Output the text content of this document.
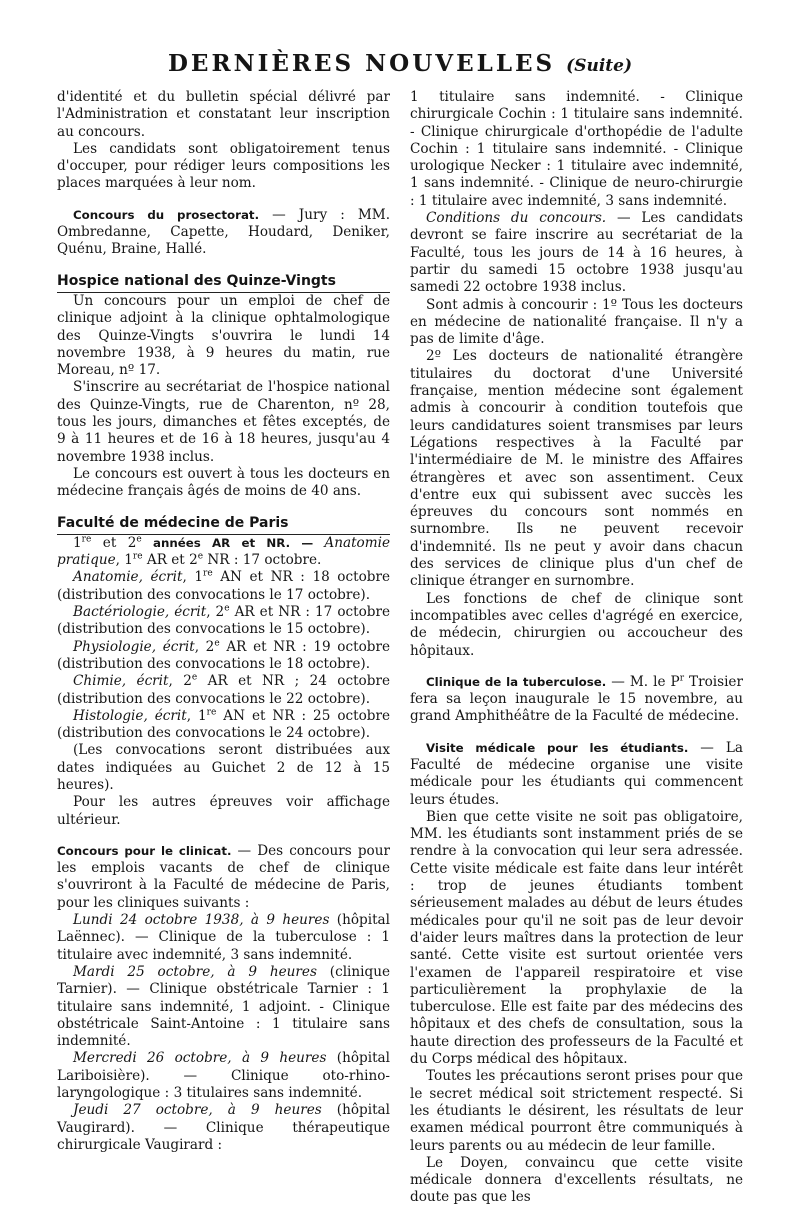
DERNIÈRES NOUVELLES (Suite)

d'identité et du bulletin spécial délivré par l'Administration et constatant leur inscription au concours.

Les candidats sont obligatoirement tenus d'occuper, pour rédiger leurs compositions les places marquées à leur nom.

Concours du prosectorat. — Jury : MM. Ombredanne, Capette, Houdard, Deniker, Quénu, Braine, Hallé.

Hospice national des Quinze-Vingts

Un concours pour un emploi de chef de clinique adjoint à la clinique ophtalmologique des Quinze-Vingts s'ouvrira le lundi 14 novembre 1938, à 9 heures du matin, rue Moreau, nº 17.

S'inscrire au secrétariat de l'hospice national des Quinze-Vingts, rue de Charenton, nº 28, tous les jours, dimanches et fêtes exceptés, de 9 à 11 heures et de 16 à 18 heures, jusqu'au 4 novembre 1938 inclus.

Le concours est ouvert à tous les docteurs en médecine français âgés de moins de 40 ans.

Faculté de médecine de Paris

1re et 2e années AR et NR. — Anatomie pratique, 1re AR et 2e NR : 17 octobre.

Anatomie, écrit, 1re AN et NR : 18 octobre (distribution des convocations le 17 octobre).

Bactériologie, écrit, 2e AR et NR : 17 octobre (distribution des convocations le 15 octobre).

Physiologie, écrit, 2e AR et NR : 19 octobre (distribution des convocations le 18 octobre).

Chimie, écrit, 2e AR et NR ; 24 octobre (distribution des convocations le 22 octobre).

Histologie, écrit, 1re AN et NR : 25 octobre (distribution des convocations le 24 octobre).

(Les convocations seront distribuées aux dates indiquées au Guichet 2 de 12 à 15 heures).

Pour les autres épreuves voir affichage ultérieur.

Concours pour le clinicat. — Des concours pour les emplois vacants de chef de clinique s'ouvriront à la Faculté de médecine de Paris, pour les cliniques suivants :

Lundi 24 octobre 1938, à 9 heures (hôpital Laënnec). — Clinique de la tuberculose : 1 titulaire avec indemnité, 3 sans indemnité.

Mardi 25 octobre, à 9 heures (clinique Tarnier). — Clinique obstétricale Tarnier : 1 titulaire sans indemnité, 1 adjoint. - Clinique obstétricale Saint-Antoine : 1 titulaire sans indemnité.

Mercredi 26 octobre, à 9 heures (hôpital Lariboisière). — Clinique oto-rhino-laryngologique : 3 titulaires sans indemnité.

Jeudi 27 octobre, à 9 heures (hôpital Vaugirard). — Clinique thérapeutique chirurgicale Vaugirard :

1 titulaire sans indemnité. - Clinique chirurgicale Cochin : 1 titulaire sans indemnité. - Clinique chirurgicale d'orthopédie de l'adulte Cochin : 1 titulaire sans indemnité. - Clinique urologique Necker : 1 titulaire avec indemnité, 1 sans indemnité. - Clinique de neuro-chirurgie : 1 titulaire avec indemnité, 3 sans indemnité.

Conditions du concours. — Les candidats devront se faire inscrire au secrétariat de la Faculté, tous les jours de 14 à 16 heures, à partir du samedi 15 octobre 1938 jusqu'au samedi 22 octobre 1938 inclus.

Sont admis à concourir : 1º Tous les docteurs en médecine de nationalité française. Il n'y a pas de limite d'âge.

2º Les docteurs de nationalité étrangère titulaires du doctorat d'une Université française, mention médecine sont également admis à concourir à condition toutefois que leurs candidatures soient transmises par leurs Légations respectives à la Faculté par l'intermédiaire de M. le ministre des Affaires étrangères et avec son assentiment. Ceux d'entre eux qui subissent avec succès les épreuves du concours sont nommés en surnombre. Ils ne peuvent recevoir d'indemnité. Ils ne peut y avoir dans chacun des services de clinique plus d'un chef de clinique étranger en surnombre.

Les fonctions de chef de clinique sont incompatibles avec celles d'agrégé en exercice, de médecin, chirurgien ou accoucheur des hôpitaux.

Clinique de la tuberculose. — M. le $P^r$ Troisier fera sa leçon inaugurale le 15 novembre, au grand Amphithéâtre de la Faculté de médecine.

Visite médicale pour les étudiants. — La Faculté de médecine organise une visite médicale pour les étudiants qui commencent leurs études.

Bien que cette visite ne soit pas obligatoire, MM. les étudiants sont instamment priés de se rendre à la convocation qui leur sera adressée. Cette visite médicale est faite dans leur intérêt : trop de jeunes étudiants tombent sérieusement malades au début de leurs études médicales pour qu'il ne soit pas de leur devoir d'aider leurs maîtres dans la protection de leur santé. Cette visite est surtout orientée vers l'examen de l'appareil respiratoire et vise particulièrement la prophylaxie de la tuberculose. Elle est faite par des médecins des hôpitaux et des chefs de consultation, sous la haute direction des professeurs de la Faculté et du Corps médical des hôpitaux.

Toutes les précautions seront prises pour que le secret médical soit strictement respecté. Si les étudiants le désirent, les résultats de leur examen médical pourront être communiqués à leurs parents ou au médecin de leur famille.

Le Doyen, convaincu que cette visite médicale donnera d'excellents résultats, ne doute pas que les
